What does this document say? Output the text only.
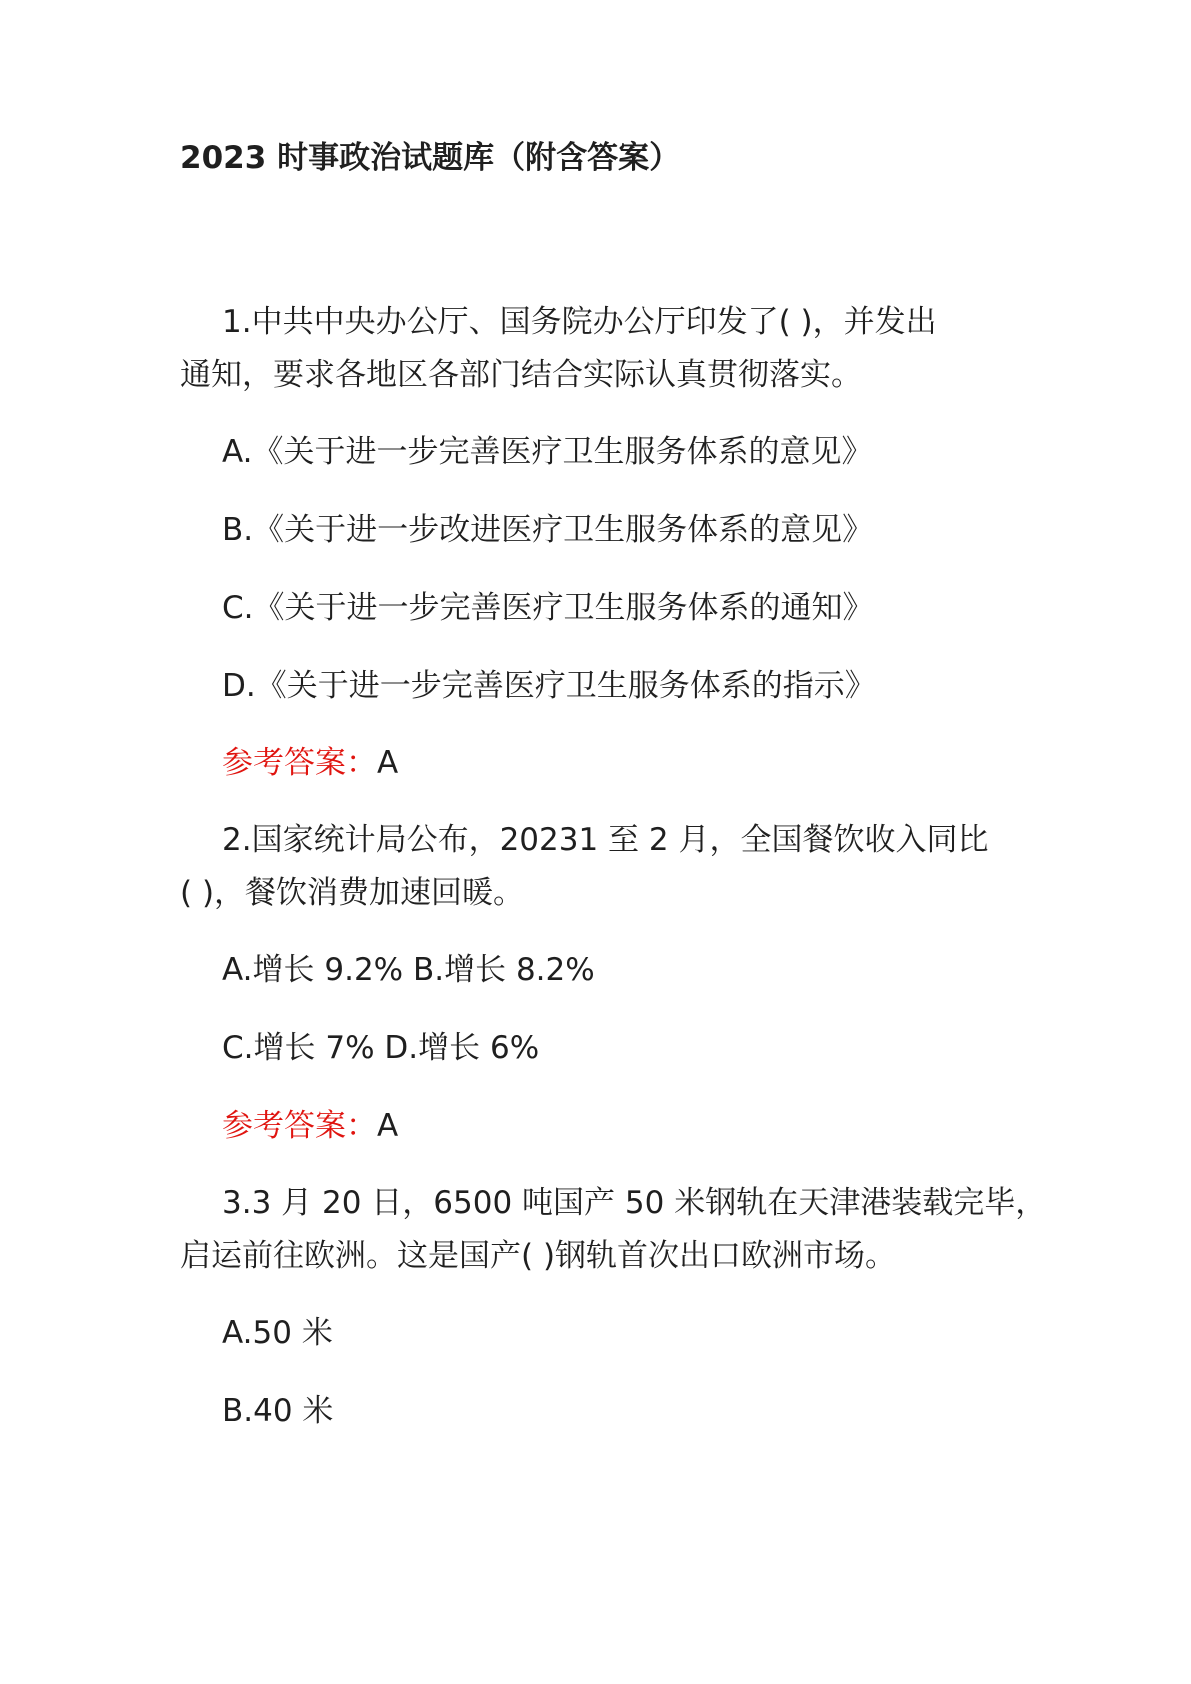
2023 时事政治试题库（附含答案）
1.中共中央办公厅、国务院办公厅印发了( )，并发出
通知，要求各地区各部门结合实际认真贯彻落实。
A.《关于进一步完善医疗卫生服务体系的意见》
B.《关于进一步改进医疗卫生服务体系的意见》
C.《关于进一步完善医疗卫生服务体系的通知》
D.《关于进一步完善医疗卫生服务体系的指示》
参考答案：A
2.国家统计局公布，20231 至 2 月，全国餐饮收入同比
( )，餐饮消费加速回暖。
A.增长 9.2% B.增长 8.2%
C.增长 7% D.增长 6%
参考答案：A
3.3 月 20 日，6500 吨国产 50 米钢轨在天津港装载完毕，
启运前往欧洲。这是国产( )钢轨首次出口欧洲市场。
A.50 米
B.40 米
